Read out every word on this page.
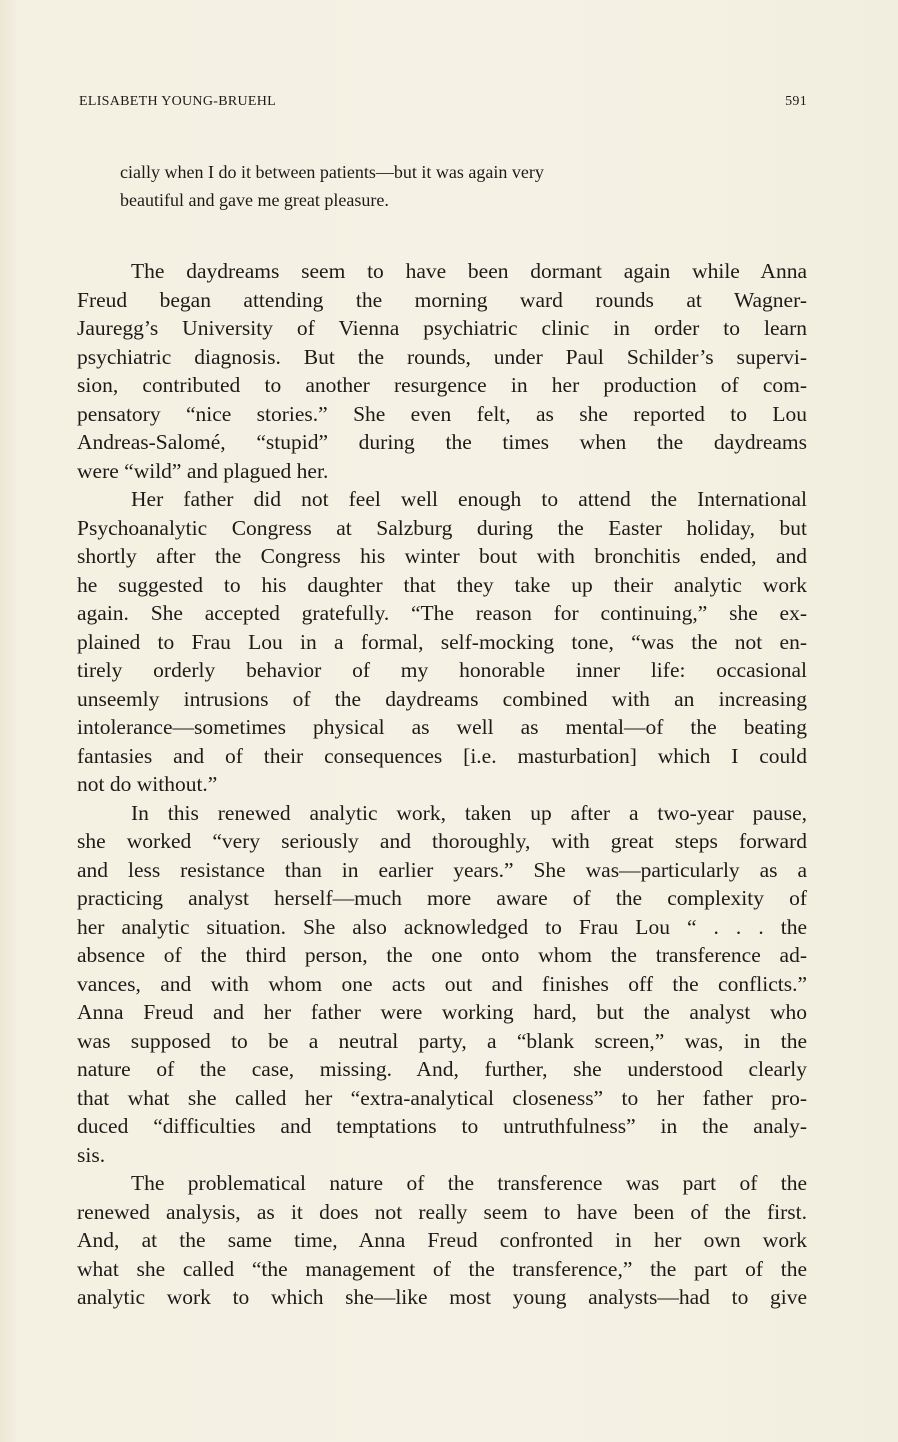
ELISABETH YOUNG-BRUEHL	591
cially when I do it between patients—but it was again very
beautiful and gave me great pleasure.
The daydreams seem to have been dormant again while Anna
Freud began attending the morning ward rounds at Wagner-
Jauregg’s University of Vienna psychiatric clinic in order to learn
psychiatric diagnosis. But the rounds, under Paul Schilder’s supervi-
sion, contributed to another resurgence in her production of com-
pensatory “nice stories.” She even felt, as she reported to Lou
Andreas-Salomé, “stupid” during the times when the daydreams
were “wild” and plagued her.
Her father did not feel well enough to attend the International
Psychoanalytic Congress at Salzburg during the Easter holiday, but
shortly after the Congress his winter bout with bronchitis ended, and
he suggested to his daughter that they take up their analytic work
again. She accepted gratefully. “The reason for continuing,” she ex-
plained to Frau Lou in a formal, self-mocking tone, “was the not en-
tirely orderly behavior of my honorable inner life: occasional
unseemly intrusions of the daydreams combined with an increasing
intolerance—sometimes physical as well as mental—of the beating
fantasies and of their consequences [i.e. masturbation] which I could
not do without.”
In this renewed analytic work, taken up after a two-year pause,
she worked “very seriously and thoroughly, with great steps forward
and less resistance than in earlier years.” She was—particularly as a
practicing analyst herself—much more aware of the complexity of
her analytic situation. She also acknowledged to Frau Lou “ . . . the
absence of the third person, the one onto whom the transference ad-
vances, and with whom one acts out and finishes off the conflicts.”
Anna Freud and her father were working hard, but the analyst who
was supposed to be a neutral party, a “blank screen,” was, in the
nature of the case, missing. And, further, she understood clearly
that what she called her “extra-analytical closeness” to her father pro-
duced “difficulties and temptations to untruthfulness” in the analy-
sis.
The problematical nature of the transference was part of the
renewed analysis, as it does not really seem to have been of the first.
And, at the same time, Anna Freud confronted in her own work
what she called “the management of the transference,” the part of the
analytic work to which she—like most young analysts—had to give
